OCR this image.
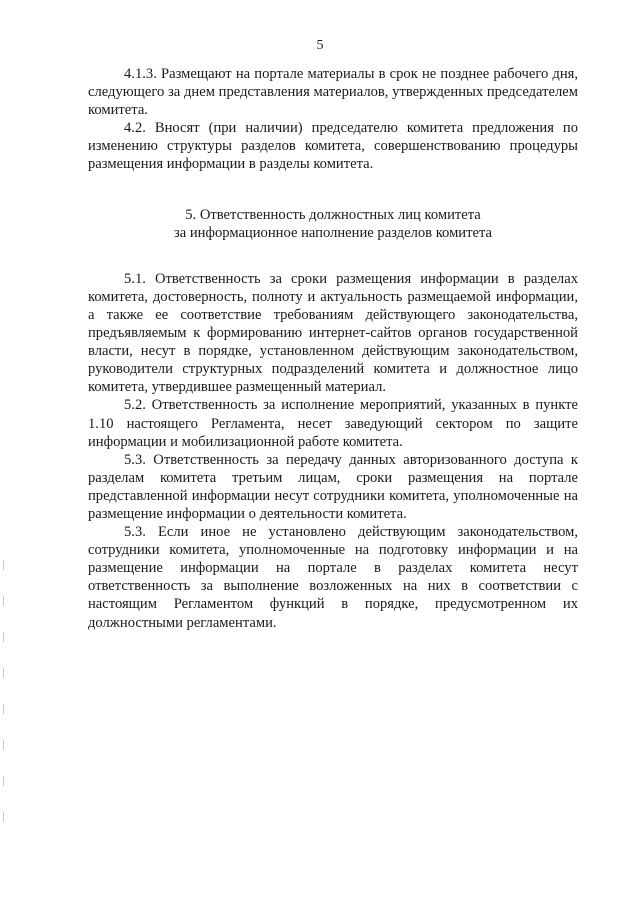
5

4.1.3. Размещают на портале материалы в срок не позднее рабочего дня, следующего за днем представления материалов, утвержденных председателем комитета.

4.2. Вносят (при наличии) председателю комитета предложения по изменению структуры разделов комитета, совершенствованию процедуры размещения информации в разделы комитета.

5. Ответственность должностных лиц комитета
за информационное наполнение разделов комитета

5.1. Ответственность за сроки размещения информации в разделах комитета, достоверность, полноту и актуальность размещаемой информации, а также ее соответствие требованиям действующего законодательства, предъявляемым к формированию интернет-сайтов органов государственной власти, несут в порядке, установленном действующим законодательством, руководители структурных подразделений комитета и должностное лицо комитета, утвердившее размещенный материал.

5.2. Ответственность за исполнение мероприятий, указанных в пункте 1.10 настоящего Регламента, несет заведующий сектором по защите информации и мобилизационной работе комитета.

5.3. Ответственность за передачу данных авторизованного доступа к разделам комитета третьим лицам, сроки размещения на портале представленной информации несут сотрудники комитета, уполномоченные на размещение информации о деятельности комитета.

5.3. Если иное не установлено действующим законодательством, сотрудники комитета, уполномоченные на подготовку информации и на размещение информации на портале в разделах комитета несут ответственность за выполнение возложенных на них в соответствии с настоящим Регламентом функций в порядке, предусмотренном их должностными регламентами.
